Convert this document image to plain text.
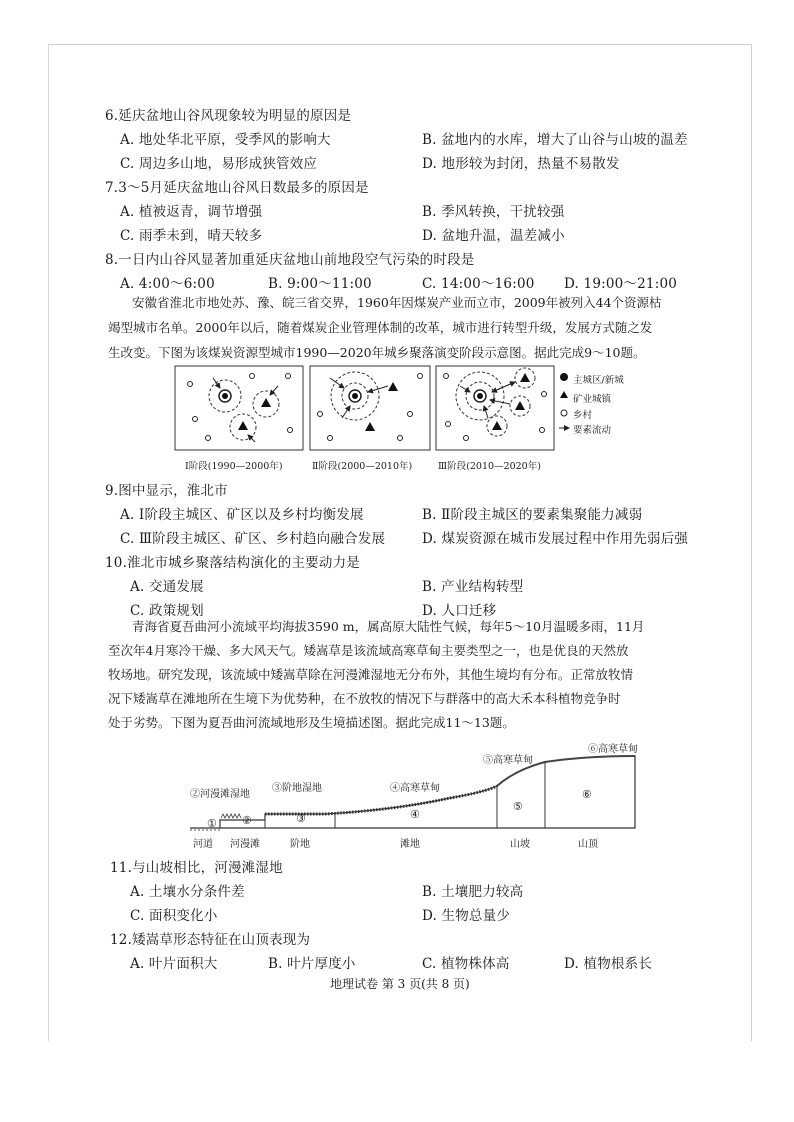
6.延庆盆地山谷风现象较为明显的原因是
A. 地处华北平原，受季风的影响大	B. 盆地内的水库，增大了山谷与山坡的温差
C. 周边多山地，易形成狭管效应	D. 地形较为封闭，热量不易散发
7.3～5月延庆盆地山谷风日数最多的原因是
A. 植被返青，调节增强	B. 季风转换，干扰较强
C. 雨季未到，晴天较多	D. 盆地升温，温差减小
8.一日内山谷风显著加重延庆盆地山前地段空气污染的时段是
A. 4:00～6:00	B. 9:00～11:00	C. 14:00～16:00 D. 19:00～21:00
安徽省淮北市地处苏、豫、皖三省交界，1960年因煤炭产业而立市，2009年被列入44个资源枯
竭型城市名单。2000年以后，随着煤炭企业管理体制的改革，城市进行转型升级，发展方式随之发
生改变。下图为该煤炭资源型城市1990—2020年城乡聚落演变阶段示意图。据此完成9～10题。
主城区/新城
矿业城镇
乡村
要素流动
Ⅰ阶段(1990—2000年)	Ⅱ阶段(2000—2010年)	Ⅲ阶段(2010—2020年)
9.图中显示，淮北市
A. Ⅰ阶段主城区、矿区以及乡村均衡发展	B. Ⅱ阶段主城区的要素集聚能力减弱
C. Ⅲ阶段主城区、矿区、乡村趋向融合发展	D. 煤炭资源在城市发展过程中作用先弱后强
10.淮北市城乡聚落结构演化的主要动力是
A. 交通发展	B. 产业结构转型
C. 政策规划	D. 人口迁移
青海省夏吾曲河小流域平均海拔3590 m，属高原大陆性气候，每年5～10月温暖多雨，11月
至次年4月寒冷干燥、多大风天气。矮嵩草是该流域高寒草甸主要类型之一，也是优良的天然放
牧场地。研究发现，该流域中矮嵩草除在河漫滩湿地无分布外，其他生境均有分布。正常放牧情
况下矮嵩草在滩地所在生境下为优势种，在不放牧的情况下与群落中的高大禾本科植物竞争时
处于劣势。下图为夏吾曲河流域地形及生境描述图。据此完成11～13题。
②河漫滩湿地
③阶地湿地	④高寒草甸
⑤高寒草甸
⑥高寒草甸
① ②	③	④
⑤
⑥
河道 河漫滩	阶地	滩地	山坡	山顶
11.与山坡相比，河漫滩湿地
A. 土壤水分条件差	B. 土壤肥力较高
C. 面积变化小	D. 生物总量少
12.矮嵩草形态特征在山顶表现为
A. 叶片面积大	B. 叶片厚度小	C. 植物株体高	D. 植物根系长
地理试卷 第 3 页(共 8 页)
